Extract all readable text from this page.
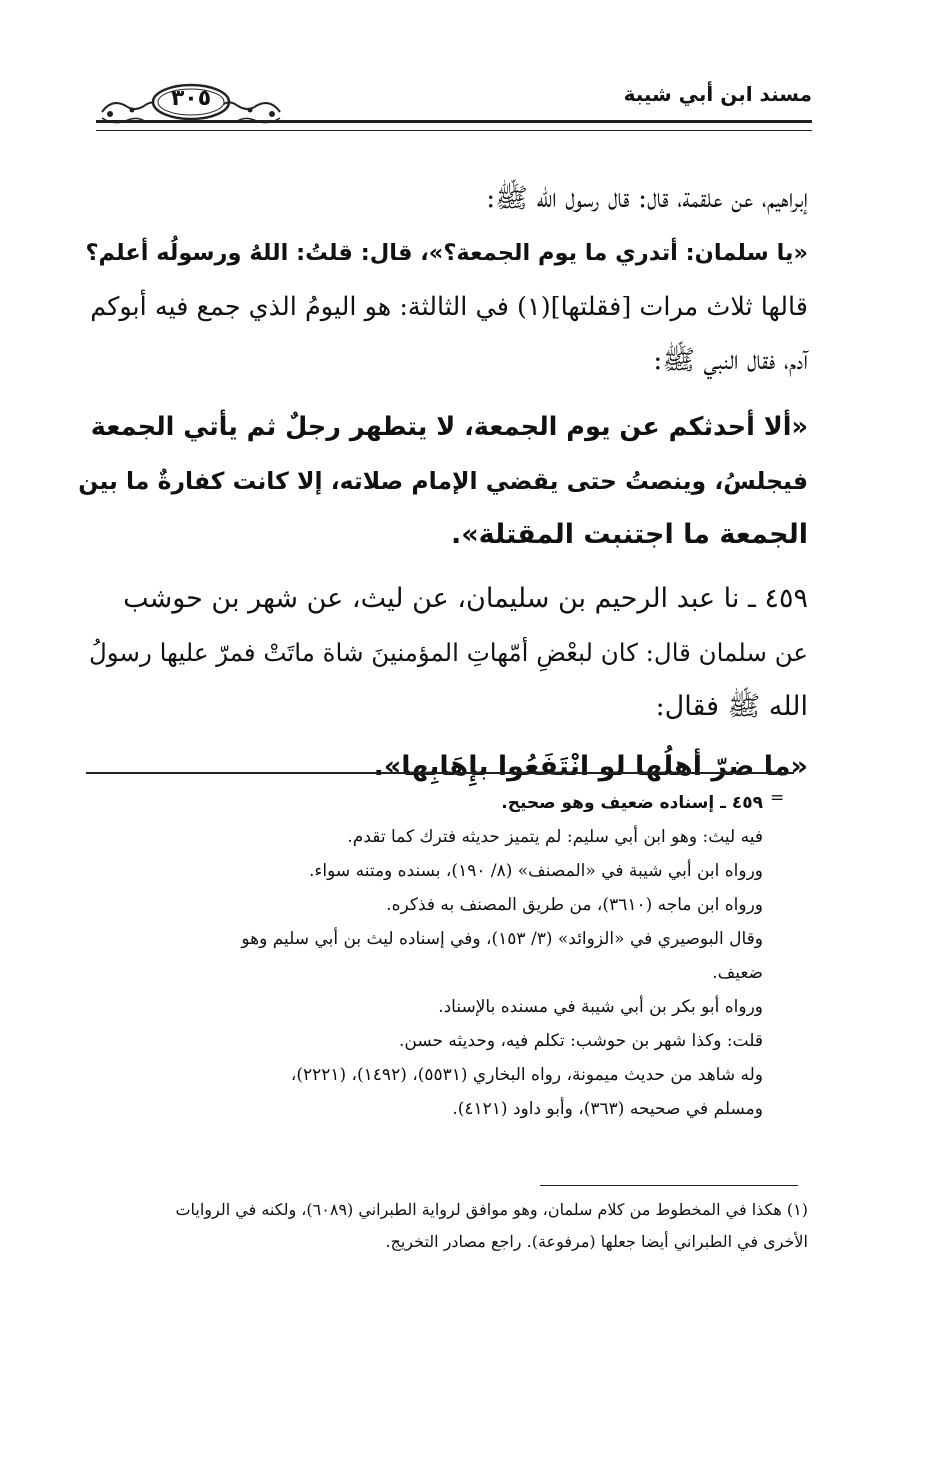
مسند ابن أبي شيبة
٣٠٥
إبراهيم، عن علقمة، قال: قال رسول الله ﷺ:
«يا سلمان: أتدري ما يوم الجمعة؟»، قال: قلتُ: اللهُ ورسولُه أعلم؟
قالها ثلاث مرات [فقلتها](١) في الثالثة: هو اليومُ الذي جمع فيه أبوكم
آدم، فقال النبي ﷺ:
«ألا أحدثكم عن يوم الجمعة، لا يتطهر رجلٌ ثم يأتي الجمعة
فيجلسُ، وينصتُ حتى يقضي الإمام صلاته، إلا كانت كفارةٌ ما بين
الجمعة ما اجتنبت المقتلة».
٤٥٩ ـ نا عبد الرحيم بن سليمان، عن ليث، عن شهر بن حوشب
عن سلمان قال: كان لبعْضِ أمّهاتِ المؤمنينَ شاة ماتَتْ فمرّ عليها رسولُ
الله ﷺ فقال:
«ما ضرّ أهلُها لو انْتَفَعُوا بإِهَابِها».
٤٥٩ ـ إسناده ضعيف وهو صحيح.
فيه ليث: وهو ابن أبي سليم: لم يتميز حديثه فترك كما تقدم.
ورواه ابن أبي شيبة في «المصنف» (٨/ ١٩٠)، بسنده ومتنه سواء.
ورواه ابن ماجه (٣٦١٠)، من طريق المصنف به فذكره.
وقال البوصيري في «الزوائد» (٣/ ١٥٣)، وفي إسناده ليث بن أبي سليم وهو
ضعيف.
ورواه أبو بكر بن أبي شيبة في مسنده بالإسناد.
قلت: وكذا شهر بن حوشب: تكلم فيه، وحديثه حسن.
وله شاهد من حديث ميمونة، رواه البخاري (٥٥٣١)، (١٤٩٢)، (٢٢٢١)،
ومسلم في صحيحه (٣٦٣)، وأبو داود (٤١٢١).
=
(١) هكذا في المخطوط من كلام سلمان، وهو موافق لرواية الطبراني (٦٠٨٩)، ولكنه في الروايات
الأخرى في الطبراني أيضا جعلها (مرفوعة). راجع مصادر التخريج.
